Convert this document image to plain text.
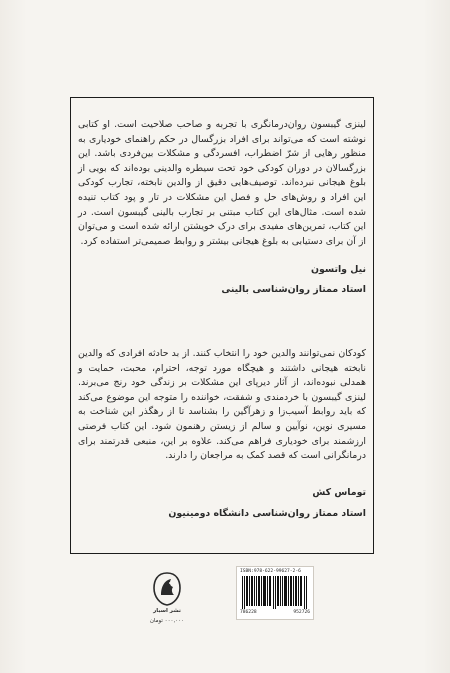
لینزی گیبسون روان‌درمانگری با تجربه و صاحب صلاحیت است. او کتابی نوشته است که می‌تواند برای افراد بزرگسال در حکم راهنمای خودیاری به منظور رهایی از شرّ اضطراب، افسردگی و مشکلات بین‌فردی باشد. این بزرگسالان در دوران کودکی خود تحت سیطره والدینی بوده‌اند که بویی از بلوغ هیجانی نبرده‌اند. توصیف‌هایی دقیق از والدین نابخته، تجارب کودکی این افراد و روش‌های حل و فصل این مشکلات در تار و پود کتاب تنیده شده است. مثال‌های این کتاب مبتنی بر تجارب بالینی گیبسون است. در این کتاب، تمرین‌های مفیدی برای درک خویشتن ارائه شده است و می‌توان از آن برای دستیابی به بلوغ هیجانی بیشتر و روابط صمیمی‌تر استفاده کرد.

نیل واتسون
استاد ممتاز روان‌شناسی بالینی

کودکان نمی‌توانند والدین خود را انتخاب کنند. از بد حادثه افرادی که والدین نابخته هیجانی داشتند و هیچگاه مورد توجه، احترام، محبت، حمایت و همدلی نبوده‌اند، از آثار دیرپای این مشکلات بر زندگی خود رنج می‌برند. لینزی گیبسون با خردمندی و شفقت، خواننده را متوجه این موضوع می‌کند که باید روابط آسیب‌زا و زهرآگین را بشناسد تا از رهگذر این شناخت به مسیری نوین، نوآیین و سالم از زیستن رهنمون شود. این کتاب فرصتی ارزشمند برای خودیاری فراهم می‌کند. علاوه بر این، منبعی قدرتمند برای درمانگرانی است که قصد کمک به مراجعان را دارند.

توماس کش
استاد ممتاز روان‌شناسی دانشگاه دومینیون
نشر اسبار
۰۰۰,۰۰۰ تومان
ISBN:978-622-99627-2-6
786228	952726
